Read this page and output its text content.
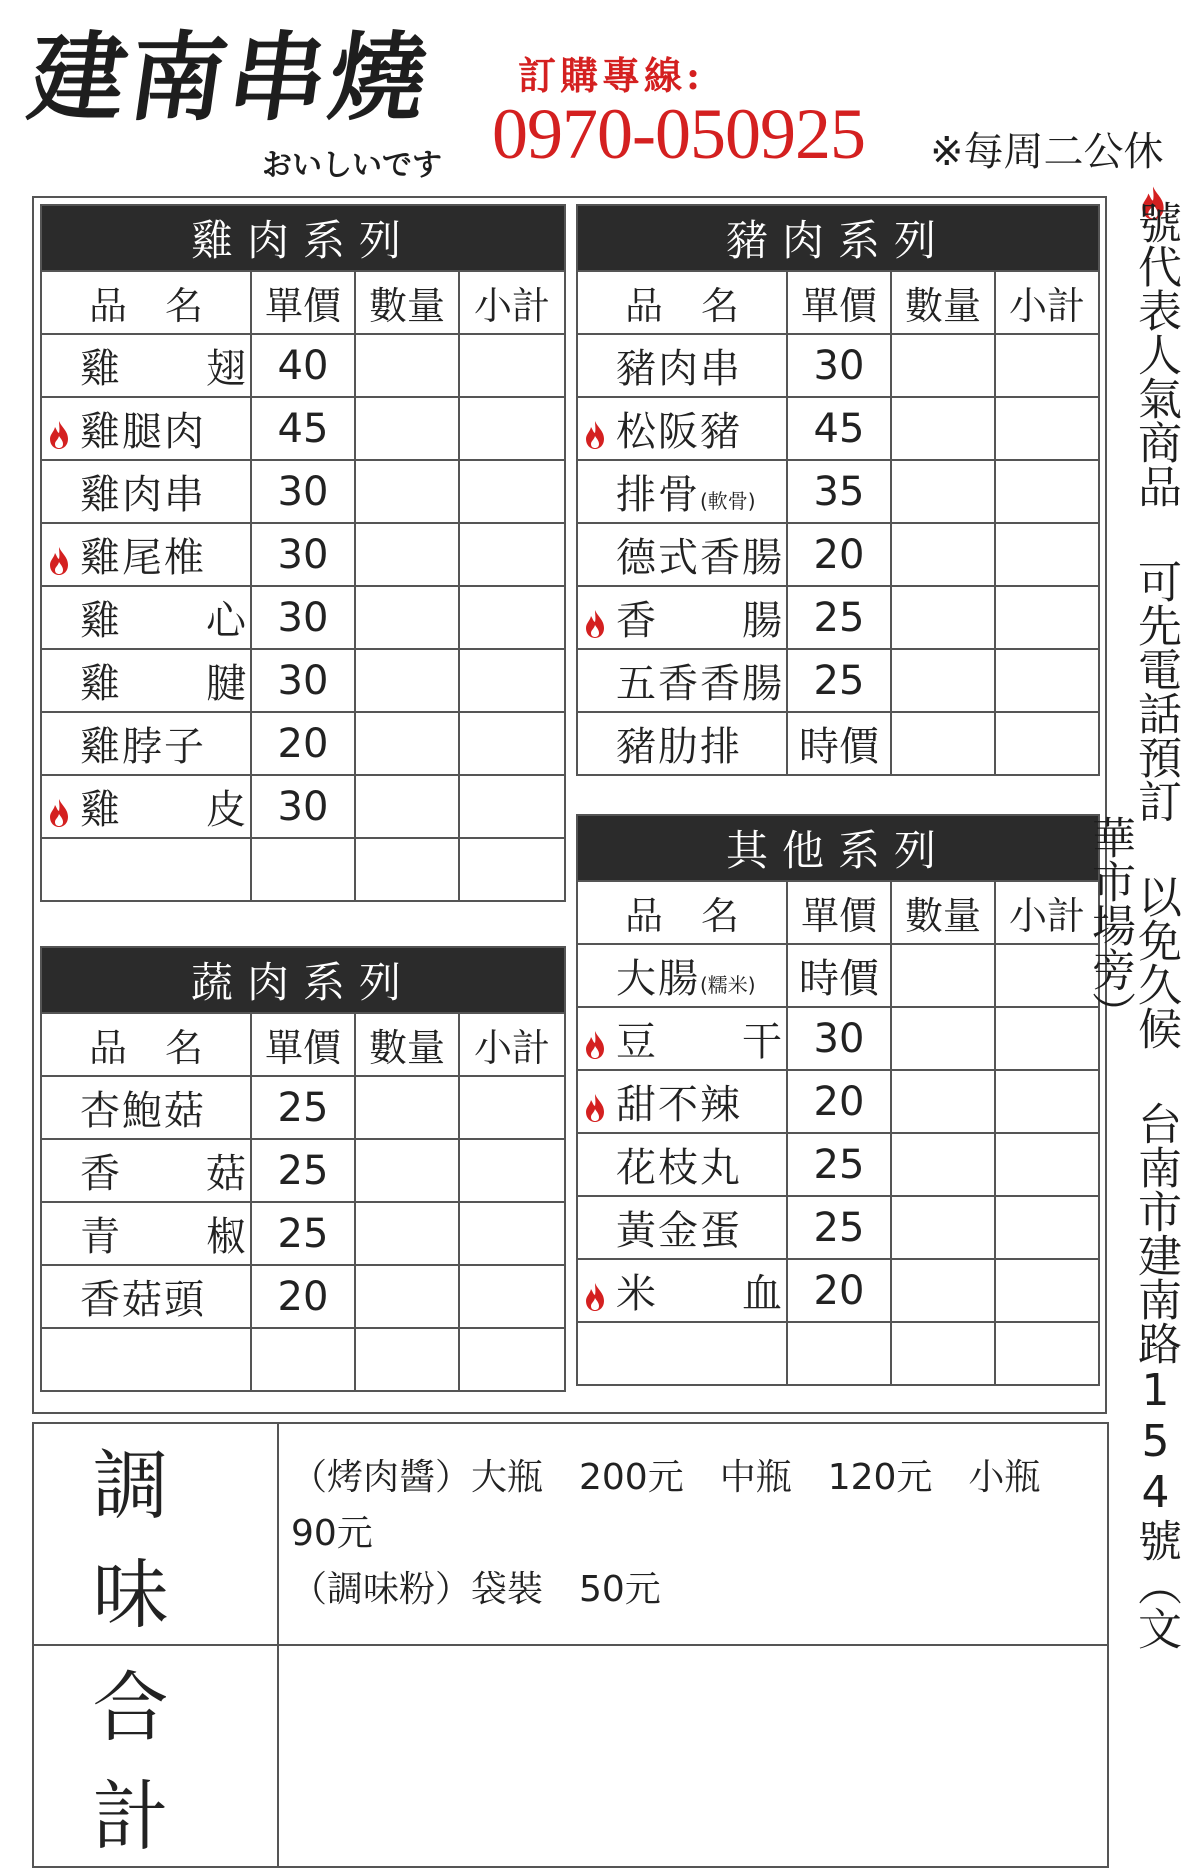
建南串燒
おいしいです
訂購專線:
0970-050925 ※每周二公休
雞肉系列			
品　名	單價	數量	小計
雞　　翅	40		

雞腿肉	45		
雞肉串	30		

雞尾椎	30		
雞　　心	30		
雞　　腱	30		
雞脖子	20		

雞　　皮	30		

豬肉系列			
品　名	單價	數量	小計
豬肉串	30		

松阪豬	45		
排骨(軟骨)	35		
德式香腸	20		

香　　腸	25		
五香香腸	25		
豬肋排	時價		
蔬肉系列			
品　名	單價	數量	小計
杏鮑菇	25		
香　　菇	25		
青　　椒	25		
香菇頭	20		

其他系列			
品　名	單價	數量	小計
大腸(糯米)	時價		

豆　　干	30		

甜不辣	20		
花枝丸	25		
黃金蛋	25		

米　　血	20		
				號代表人氣商品 可先電話預訂 以免久候 台南市建南路154號（文華市場旁）
調味	（烤肉醬）大瓶　200元　中瓶　120元　小瓶　90元
（調味粉）袋裝　50元

合計	
